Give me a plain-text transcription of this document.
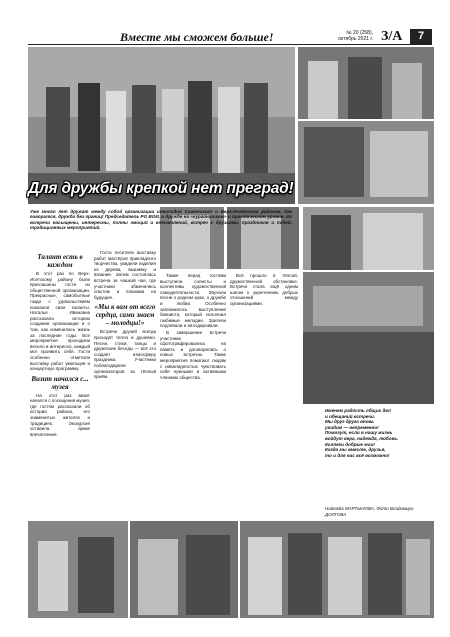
Вместе мы сможем больше!	№ 20 (258),
октябрь 2021 г. З/А	7
Для дружбы крепкой нет преград!
Уже много лет дружат между собой организации инвалидов Советского и Верх-Исетского районов. Как говорится, дружба без границ! Председатель РО ВОИ, в дружбе на «кураторском» и практическом уровне. Их встречи насыщены, интересны, полны эмоций и впечатлений, встреч с друзьями, праздников и побед, традиционных мероприятий.
Талант есть в каждом

В этот раз по Верх-Исетскому району были приглашены гости из общественной организации. Прекрасные, самобытные люди с удовольствием показали свои таланты. Наталья Ивановна рассказала историю создания организации и о том, как изменилась жизнь за последние годы. Все мероприятия проходили весело и интересно, каждый мог проявить себя. Гости особенно отметили выставку работ умельцев и концертную программу.

Визит начался с... музея

На этот раз визит начался с посещения музея, где гостям рассказали об истории района, его знаменитых жителях и традициях. Экскурсия оставила яркие впечатления.

Гости посетили выставку работ мастеров прикладного творчества, увидели изделия из дерева, вышивку и вязание. Затем состоялась встреча за чашкой чая, где участники обменялись опытом и планами на будущее.

«Мы к вам от всего сердца, сами знаем – молодцы!»

Встречи друзей всегда проходят тепло и душевно. Песни, стихи, танцы и дружеские беседы — всё это создаёт атмосферу праздника. Участники поблагодарили организаторов за тёплый приём.

Также перед гостями выступили солисты и коллективы художественной самодеятельности. Звучали песни о родном крае, о дружбе и любви. Особенно запомнилось выступление баяниста, который исполнил любимые мелодии. Зрители подпевали и аплодировали.

В завершение встречи участники сфотографировались на память и договорились о новых встречах. Такие мероприятия помогают людям с инвалидностью чувствовать себя нужными и активными членами общества.

Всё прошло в тёплой, дружественной обстановке. Встреча стала ещё одним шагом к укреплению добрых отношений между организациями.

Именем радость общих дел
и обещаний встречи.
Мы друг друга вновь
увидим — непременно!
Помогут, если в нашу жизнь
войдут вера, надежда, любовь.
Коллеги добрые мои!
Когда мы вместе, друзья,
то и для нас всё возможно!
Надежда МАРТЫНОВА, Фото Владимира ДОЛГОВА
